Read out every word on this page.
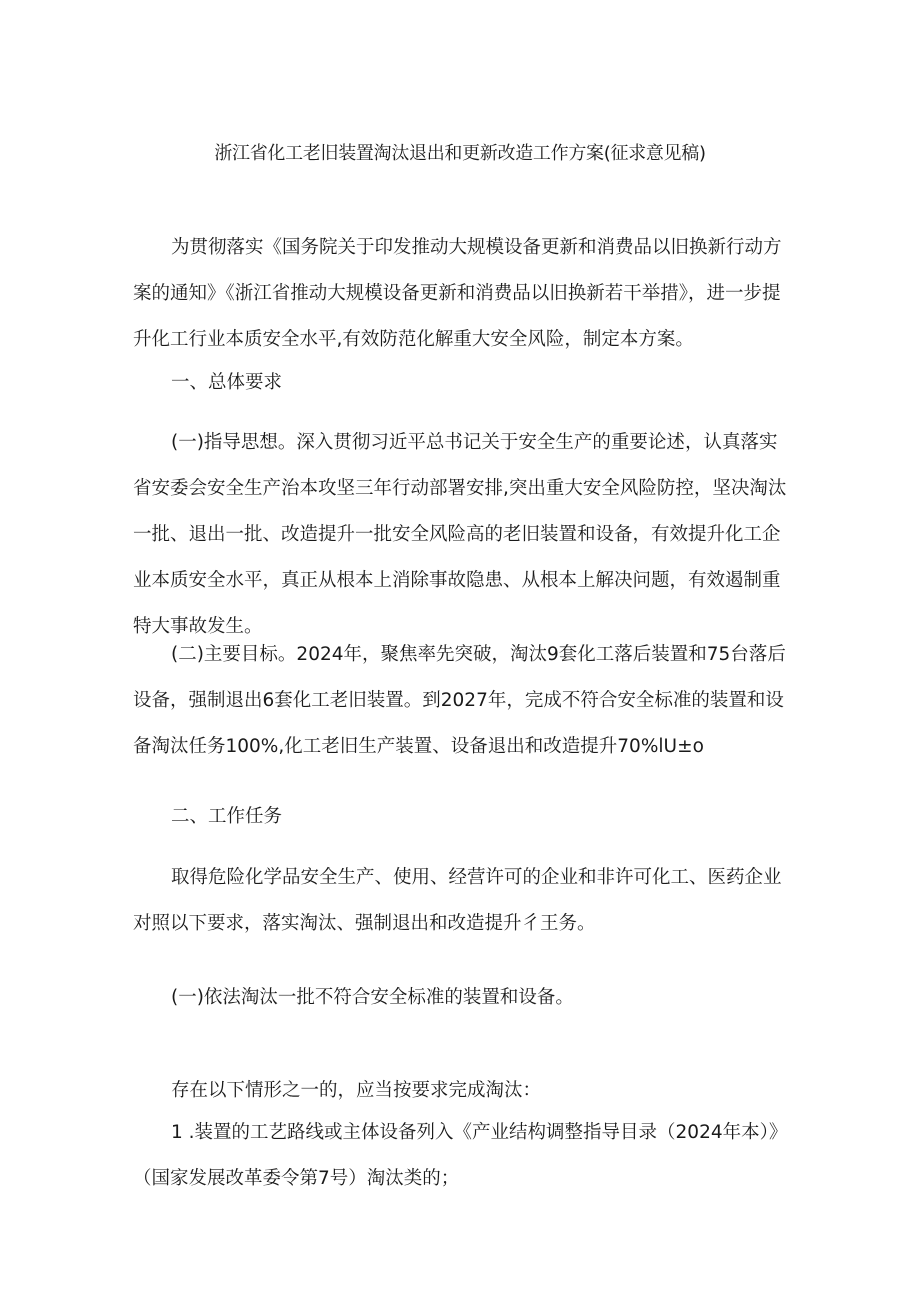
浙江省化工老旧装置淘汰退出和更新改造工作方案(征求意见稿)

为贯彻落实《国务院关于印发推动大规模设备更新和消费品以旧换新行动方案的通知》《浙江省推动大规模设备更新和消费品以旧换新若干举措》，进一步提升化工行业本质安全水平,有效防范化解重大安全风险，制定本方案。

一、总体要求

(一)指导思想。深入贯彻习近平总书记关于安全生产的重要论述，认真落实省安委会安全生产治本攻坚三年行动部署安排,突出重大安全风险防控，坚决淘汰一批、退出一批、改造提升一批安全风险高的老旧装置和设备，有效提升化工企业本质安全水平，真正从根本上消除事故隐患、从根本上解决问题，有效遏制重特大事故发生。

(二)主要目标。2024年，聚焦率先突破，淘汰9套化工落后装置和75台落后设备，强制退出6套化工老旧装置。到2027年，完成不符合安全标准的装置和设备淘汰任务100%,化工老旧生产装置、设备退出和改造提升70%lU±o

二、工作任务

取得危险化学品安全生产、使用、经营许可的企业和非许可化工、医药企业对照以下要求，落实淘汰、强制退出和改造提升彳王务。

(一)依法淘汰一批不符合安全标准的装置和设备。

存在以下情形之一的，应当按要求完成淘汰：

1 .装置的工艺路线或主体设备列入《产业结构调整指导目录（2024年本）》（国家发展改革委令第7号）淘汰类的；
